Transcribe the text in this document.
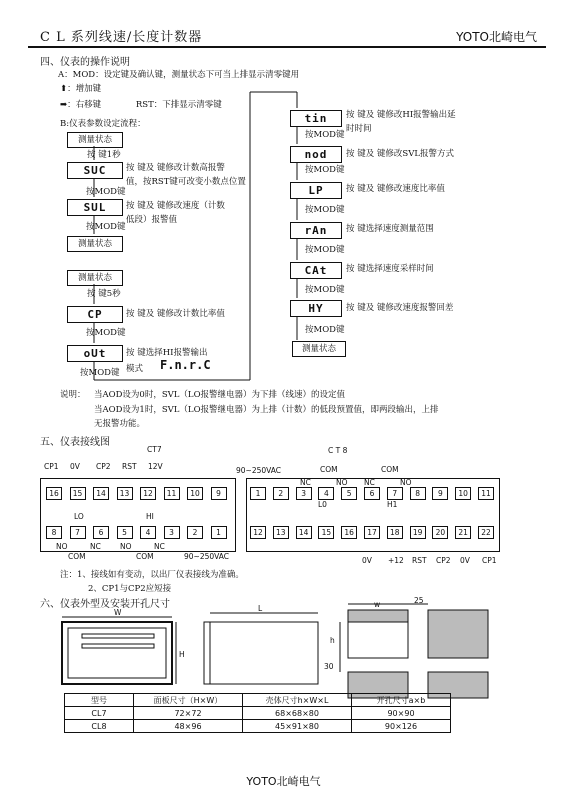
C L 系列线速/长度计数器	YOTO北崎电气
四、仪表的操作说明
A：MOD：设定键及确认键，测量状态下可当上排显示清零键用
⬆：增加键
➡：右移键	RST：下排显示清零键
B:仪表参数设定流程：
测量状态
按 键1秒
SUC	按 键及 键修改计数高报警
值，按RST键可改变小数点位置
按MOD键
SUL	按 键及 键修改速度（计数
低段）报警值
按MOD键
测量状态
测量状态
按 键5秒
CP	按 键及 键修改计数比率值
按MOD键
oUt	按 键选择HI报警输出
模式 F.n.r.C
按MOD键
tin	按 键及 键修改HI报警输出延
时时间
按MOD键
nod	按 键及 键修改SVL报警方式
按MOD键
LP	按 键及 键修改速度比率值
按MOD键
rAn	按 键选择速度测量范围
按MOD键
CAt	按 键选择速度采样时间
按MOD键
HY	按 键及 键修改速度报警回差
按MOD键
测量状态
说明： 当AOD设为0时，SVL（LO报警继电器）为下排（线速）的设定值
当AOD设为1时，SVL（LO报警继电器）为上排（计数）的低段预置值，即两段输出，上排
无报警功能。
五、仪表接线图
CT7	C T 8
CP1 0V CP2 RST 12V
16	15	14	13	12	11	10	9
8	7	6	5	4	3	2	1
LO	HI
NO	NC
COM
NO	NC
COM	90~250VAC
90~250VAC
1	2	3	4	5	6	7	8	9	10	11
12	13	14	15	16	17	18	19	20	21	22
COM	COM
NC	NO NC	NO
L0	H1
0V +12 RST CP2 0V CP1
注：1、接线如有变动，以出厂仪表接线为准确。
2、CP1与CP2应短接
六、仪表外型及安装开孔尺寸
W
H
L	w	25
h
30
型号	面板尺寸（H×W）	壳体尺寸h×W×L	开孔尺寸a×b
CL7	72×72	68×68×80	90×90
CL8	48×96	45×91×80	90×126
YOTO北崎电气
